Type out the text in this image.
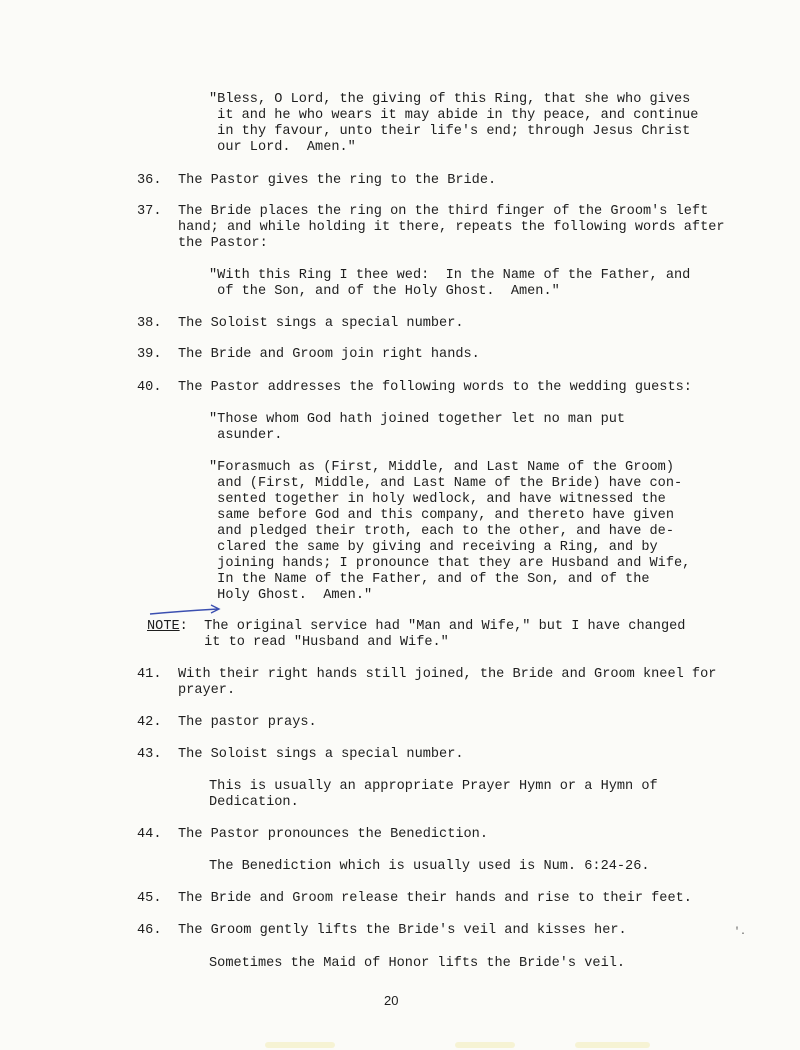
"Bless, O Lord, the giving of this Ring, that she who gives
it and he who wears it may abide in thy peace, and continue
in thy favour, unto their life's end; through Jesus Christ
our Lord.  Amen."
36. The Pastor gives the ring to the Bride.
37. The Bride places the ring on the third finger of the Groom's left
hand; and while holding it there, repeats the following words after
the Pastor:
"With this Ring I thee wed:  In the Name of the Father, and
of the Son, and of the Holy Ghost.  Amen."
38. The Soloist sings a special number.
39. The Bride and Groom join right hands.
40. The Pastor addresses the following words to the wedding guests:
"Those whom God hath joined together let no man put
asunder.
"Forasmuch as (First, Middle, and Last Name of the Groom)
and (First, Middle, and Last Name of the Bride) have con-
sented together in holy wedlock, and have witnessed the
same before God and this company, and thereto have given
and pledged their troth, each to the other, and have de-
clared the same by giving and receiving a Ring, and by
joining hands; I pronounce that they are Husband and Wife,
In the Name of the Father, and of the Son, and of the
Holy Ghost.  Amen."
NOTE:  The original service had "Man and Wife," but I have changed
it to read "Husband and Wife."
41. With their right hands still joined, the Bride and Groom kneel for
prayer.
42. The pastor prays.
43. The Soloist sings a special number.
This is usually an appropriate Prayer Hymn or a Hymn of
Dedication.
44. The Pastor pronounces the Benediction.
The Benediction which is usually used is Num. 6:24-26.
45. The Bride and Groom release their hands and rise to their feet.
46. The Groom gently lifts the Bride's veil and kisses her.
Sometimes the Maid of Honor lifts the Bride's veil.
20
'.
